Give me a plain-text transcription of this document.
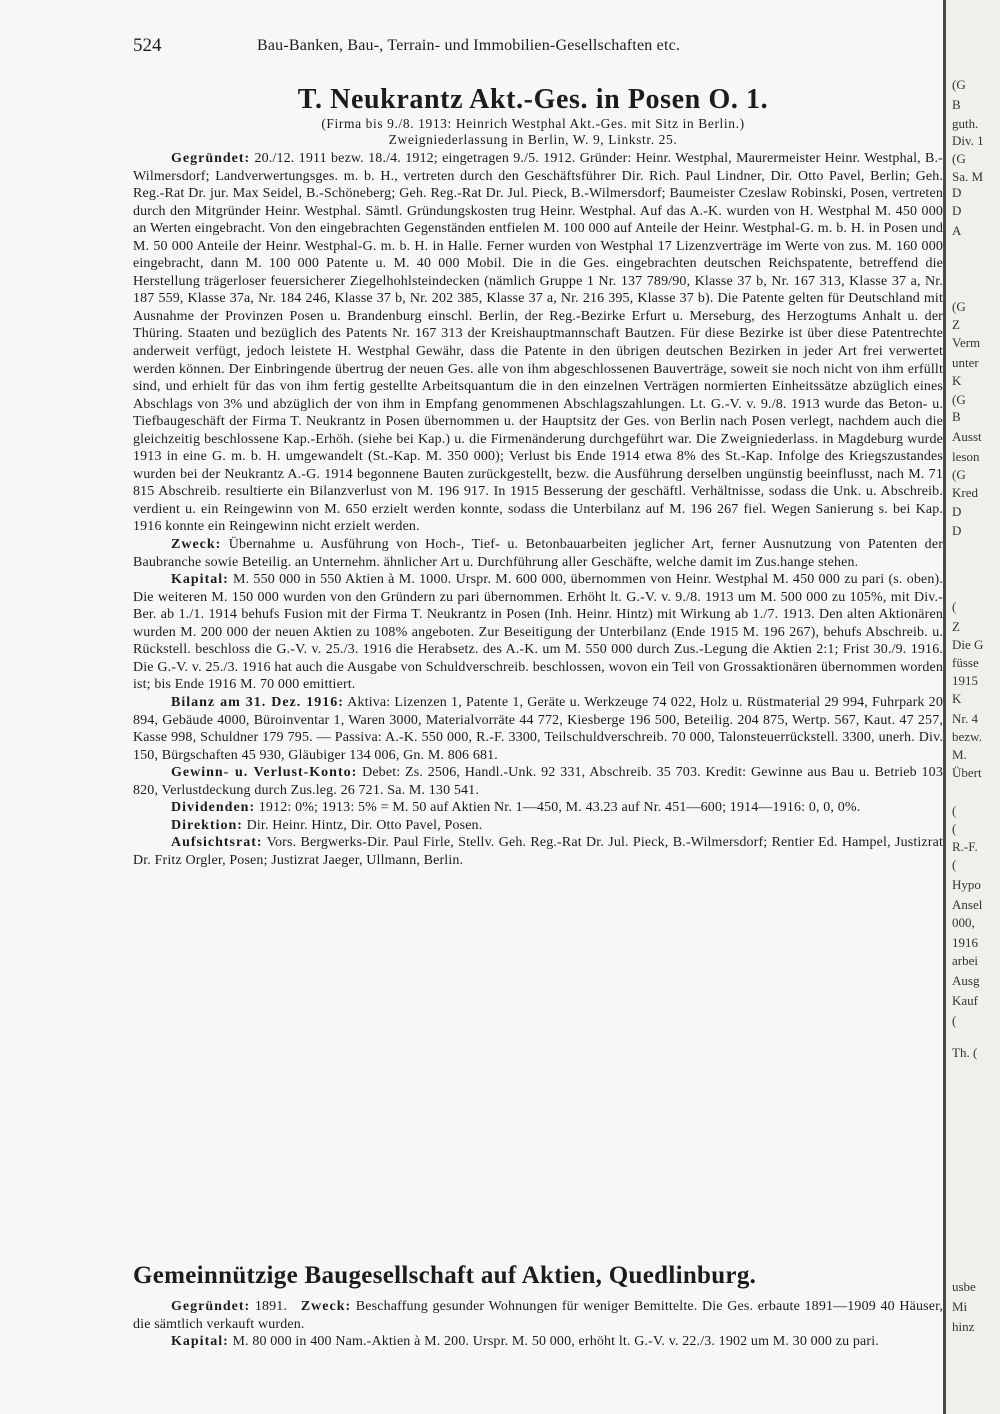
524	Bau-Banken, Bau-, Terrain- und Immobilien-Gesellschaften etc.
T. Neukrantz Akt.-Ges. in Posen O. 1.
(Firma bis 9./8. 1913: Heinrich Westphal Akt.-Ges. mit Sitz in Berlin.)
Zweigniederlassung in Berlin, W. 9, Linkstr. 25.

Gegründet: 20./12. 1911 bezw. 18./4. 1912; eingetragen 9./5. 1912. Gründer: Heinr. Westphal, Maurermeister Heinr. Westphal, B.-Wilmersdorf; Landverwertungsges. m. b. H., vertreten durch den Geschäftsführer Dir. Rich. Paul Lindner, Dir. Otto Pavel, Berlin; Geh. Reg.-Rat Dr. jur. Max Seidel, B.-Schöneberg; Geh. Reg.-Rat Dr. Jul. Pieck, B.-Wilmersdorf; Baumeister Czeslaw Robinski, Posen, vertreten durch den Mitgründer Heinr. Westphal. Sämtl. Gründungskosten trug Heinr. Westphal. Auf das A.-K. wurden von H. Westphal M. 450 000 an Werten eingebracht. Von den eingebrachten Gegenständen entfielen M. 100 000 auf Anteile der Heinr. Westphal-G. m. b. H. in Posen und M. 50 000 Anteile der Heinr. Westphal-G. m. b. H. in Halle. Ferner wurden von Westphal 17 Lizenzverträge im Werte von zus. M. 160 000 eingebracht, dann M. 100 000 Patente u. M. 40 000 Mobil. Die in die Ges. eingebrachten deutschen Reichspatente, betreffend die Herstellung trägerloser feuersicherer Ziegelhohlsteindecken (nämlich Gruppe 1 Nr. 137 789/90, Klasse 37 b, Nr. 167 313, Klasse 37 a, Nr. 187 559, Klasse 37a, Nr. 184 246, Klasse 37 b, Nr. 202 385, Klasse 37 a, Nr. 216 395, Klasse 37 b). Die Patente gelten für Deutschland mit Ausnahme der Provinzen Posen u. Brandenburg einschl. Berlin, der Reg.-Bezirke Erfurt u. Merseburg, des Herzogtums Anhalt u. der Thüring. Staaten und bezüglich des Patents Nr. 167 313 der Kreishauptmannschaft Bautzen. Für diese Bezirke ist über diese Patentrechte anderweit verfügt, jedoch leistete H. Westphal Gewähr, dass die Patente in den übrigen deutschen Bezirken in jeder Art frei verwertet werden können. Der Einbringende übertrug der neuen Ges. alle von ihm abgeschlossenen Bauverträge, soweit sie noch nicht von ihm erfüllt sind, und erhielt für das von ihm fertig gestellte Arbeitsquantum die in den einzelnen Verträgen normierten Einheitssätze abzüglich eines Abschlags von 3% und abzüglich der von ihm in Empfang genommenen Abschlagszahlungen. Lt. G.-V. v. 9./8. 1913 wurde das Beton- u. Tiefbaugeschäft der Firma T. Neukrantz in Posen übernommen u. der Hauptsitz der Ges. von Berlin nach Posen verlegt, nachdem auch die gleichzeitig beschlossene Kap.-Erhöh. (siehe bei Kap.) u. die Firmenänderung durchgeführt war. Die Zweigniederlass. in Magdeburg wurde 1913 in eine G. m. b. H. umgewandelt (St.-Kap. M. 350 000); Verlust bis Ende 1914 etwa 8% des St.-Kap. Infolge des Kriegszustandes wurden bei der Neukrantz A.-G. 1914 begonnene Bauten zurückgestellt, bezw. die Ausführung derselben ungünstig beeinflusst, nach M. 71 815 Abschreib. resultierte ein Bilanzverlust von M. 196 917. In 1915 Besserung der geschäftl. Verhältnisse, sodass die Unk. u. Abschreib. verdient u. ein Reingewinn von M. 650 erzielt werden konnte, sodass die Unterbilanz auf M. 196 267 fiel. Wegen Sanierung s. bei Kap. 1916 konnte ein Reingewinn nicht erzielt werden.

Zweck: Übernahme u. Ausführung von Hoch-, Tief- u. Betonbauarbeiten jeglicher Art, ferner Ausnutzung von Patenten der Baubranche sowie Beteilig. an Unternehm. ähnlicher Art u. Durchführung aller Geschäfte, welche damit im Zus.hange stehen.

Kapital: M. 550 000 in 550 Aktien à M. 1000. Urspr. M. 600 000, übernommen von Heinr. Westphal M. 450 000 zu pari (s. oben). Die weiteren M. 150 000 wurden von den Gründern zu pari übernommen. Erhöht lt. G.-V. v. 9./8. 1913 um M. 500 000 zu 105%, mit Div.-Ber. ab 1./1. 1914 behufs Fusion mit der Firma T. Neukrantz in Posen (Inh. Heinr. Hintz) mit Wirkung ab 1./7. 1913. Den alten Aktionären wurden M. 200 000 der neuen Aktien zu 108% angeboten. Zur Beseitigung der Unterbilanz (Ende 1915 M. 196 267), behufs Abschreib. u. Rückstell. beschloss die G.-V. v. 25./3. 1916 die Herabsetz. des A.-K. um M. 550 000 durch Zus.-Legung die Aktien 2:1; Frist 30./9. 1916. Die G.-V. v. 25./3. 1916 hat auch die Ausgabe von Schuldverschreib. beschlossen, wovon ein Teil von Grossaktionären übernommen worden ist; bis Ende 1916 M. 70 000 emittiert.

Bilanz am 31. Dez. 1916: Aktiva: Lizenzen 1, Patente 1, Geräte u. Werkzeuge 74 022, Holz u. Rüstmaterial 29 994, Fuhrpark 20 894, Gebäude 4000, Büroinventar 1, Waren 3000, Materialvorräte 44 772, Kiesberge 196 500, Beteilig. 204 875, Wertp. 567, Kaut. 47 257, Kasse 998, Schuldner 179 795. — Passiva: A.-K. 550 000, R.-F. 3300, Teilschuldverschreib. 70 000, Talonsteuerrückstell. 3300, unerh. Div. 150, Bürgschaften 45 930, Gläubiger 134 006, Gn. M. 806 681.

Gewinn- u. Verlust-Konto: Debet: Zs. 2506, Handl.-Unk. 92 331, Abschreib. 35 703. Kredit: Gewinne aus Bau u. Betrieb 103 820, Verlustdeckung durch Zus.leg. 26 721. Sa. M. 130 541.

Dividenden: 1912: 0%; 1913: 5% = M. 50 auf Aktien Nr. 1—450, M. 43.23 auf Nr. 451—600; 1914—1916: 0, 0, 0%.

Direktion: Dir. Heinr. Hintz, Dir. Otto Pavel, Posen.

Aufsichtsrat: Vors. Bergwerks-Dir. Paul Firle, Stellv. Geh. Reg.-Rat Dr. Jul. Pieck, B.-Wilmersdorf; Rentier Ed. Hampel, Justizrat Dr. Fritz Orgler, Posen; Justizrat Jaeger, Ullmann, Berlin.

Gemeinnützige Baugesellschaft auf Aktien, Quedlinburg.

Gegründet: 1891. Zweck: Beschaffung gesunder Wohnungen für weniger Bemittelte. Die Ges. erbaute 1891—1909 40 Häuser, die sämtlich verkauft wurden.

Kapital: M. 80 000 in 400 Nam.-Aktien à M. 200. Urspr. M. 50 000, erhöht lt. G.-V. v. 22./3. 1902 um M. 30 000 zu pari.

(G
B
guth.
Div. 1
(G
Sa. M
D
D
A
(G
Z
Verm
unter
K
(G
B
Ausst
leson
(G
Kred
D
D
(
Z
Die G
füsse
1915
K
Nr. 4
bezw.
M.
Übert
(
(
R.-F.
(
Hypo
Ansel
000,
1916
arbei
Ausg
Kauf
(
Th. (
usbe
Mi
hinz
